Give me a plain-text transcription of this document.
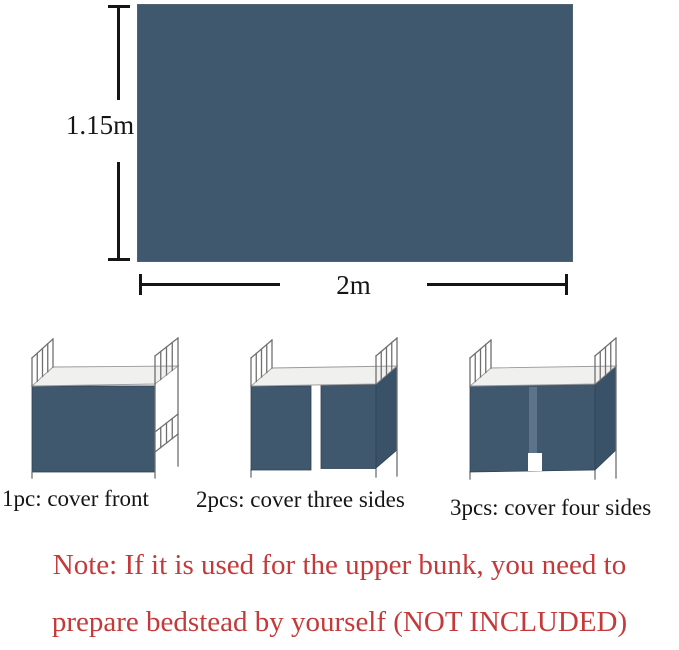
1.15m
2m
1pc: cover front 2pcs: cover three sides 3pcs: cover four sides
Note: If it is used for the upper bunk, you need to
prepare bedstead by yourself (NOT INCLUDED)
